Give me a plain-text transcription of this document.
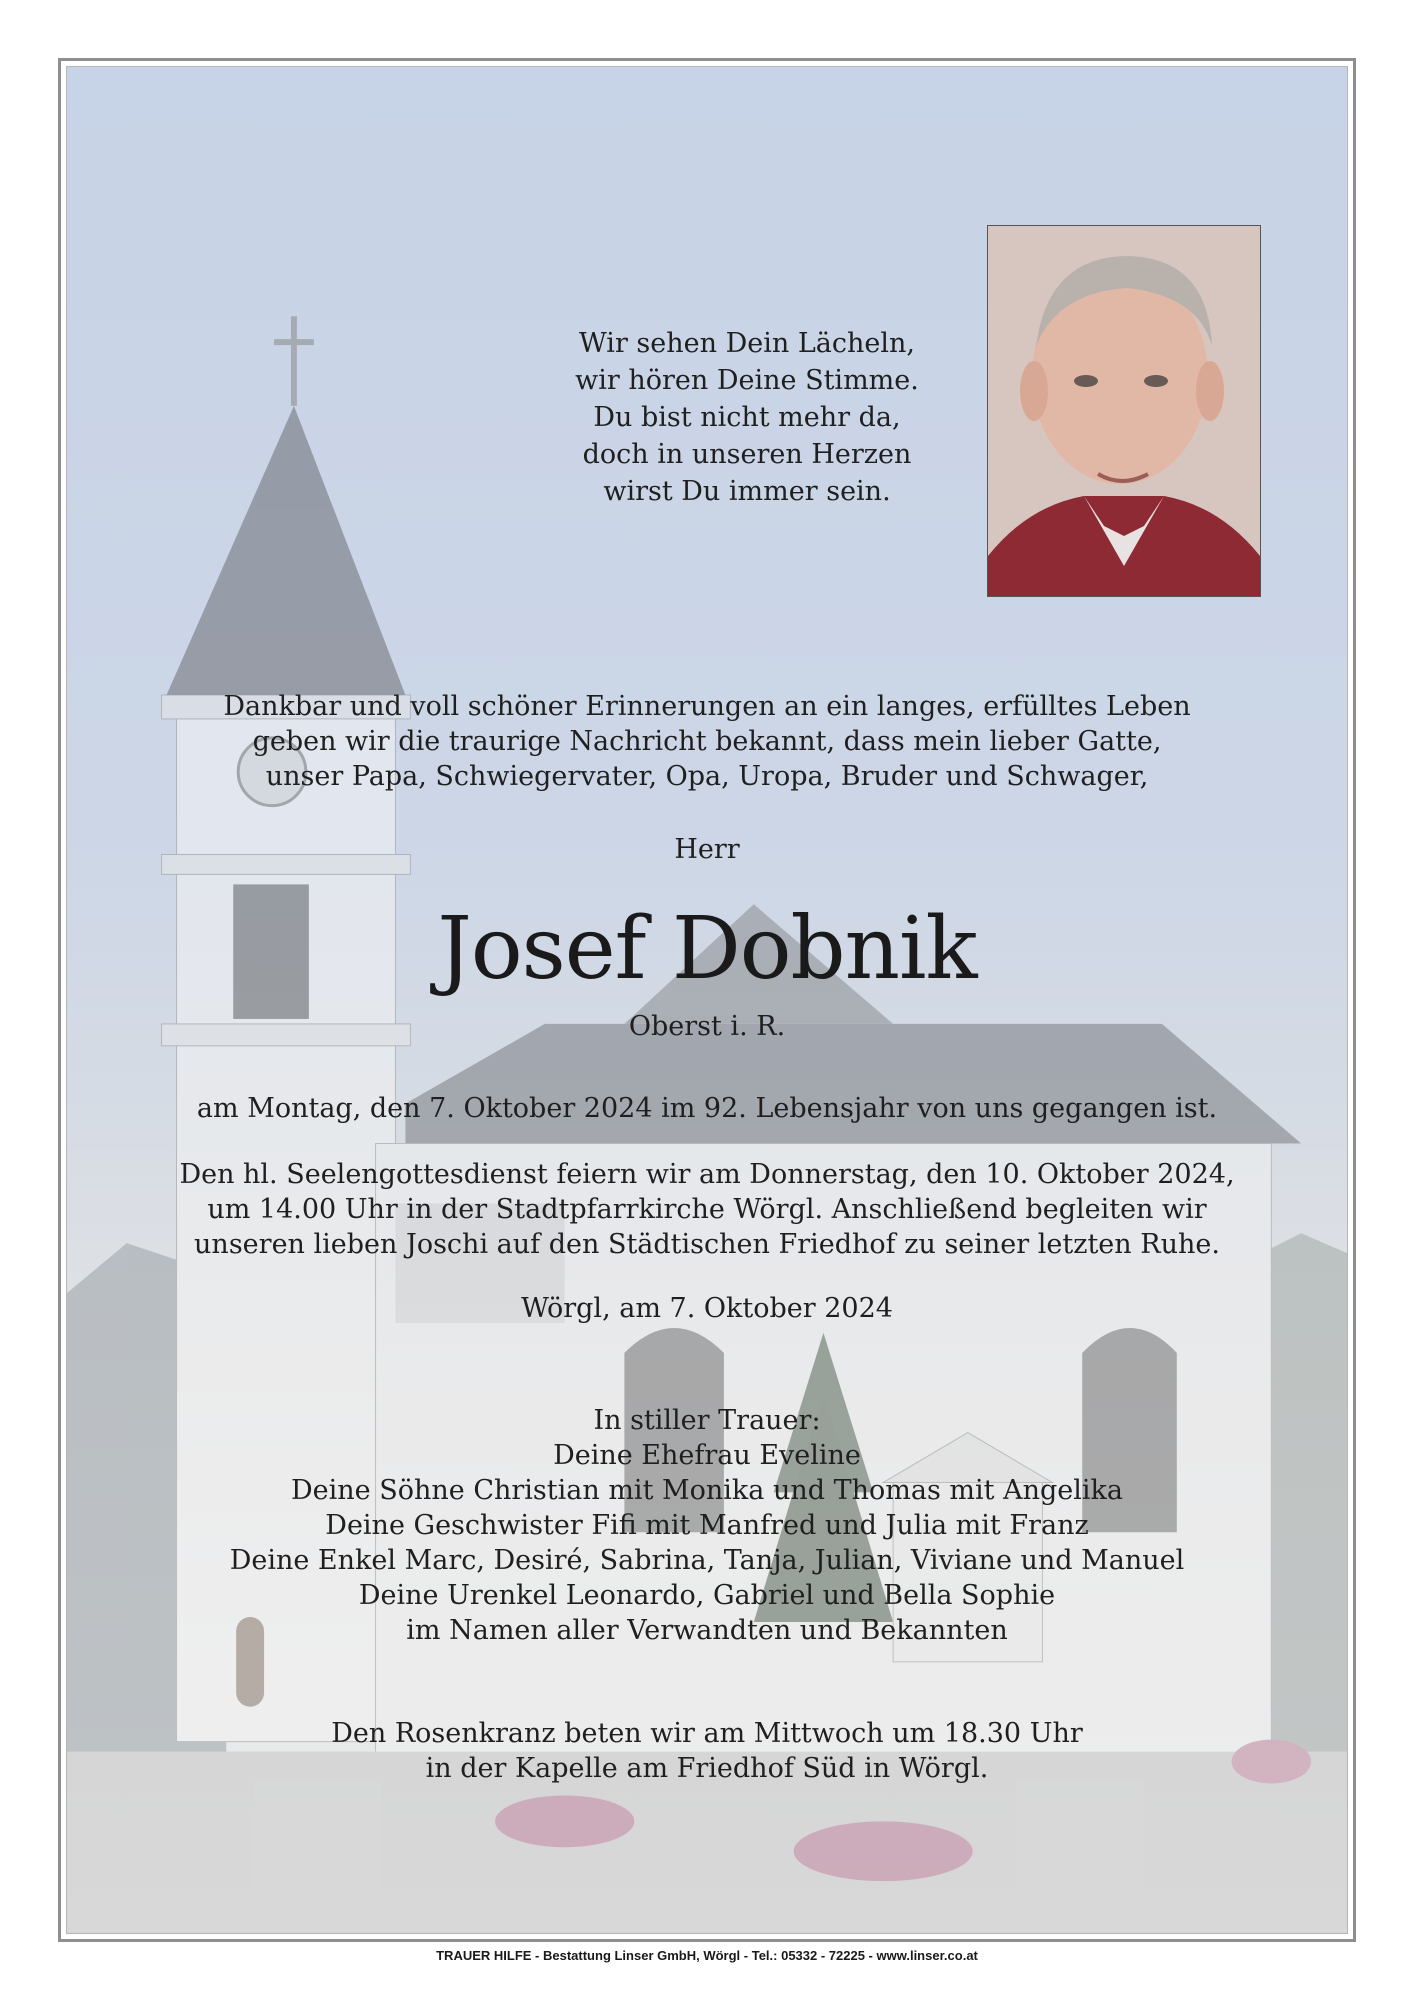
Wir sehen Dein Lächeln,
wir hören Deine Stimme.
Du bist nicht mehr da,
doch in unseren Herzen
wirst Du immer sein.
Dankbar und voll schöner Erinnerungen an ein langes, erfülltes Leben
geben wir die traurige Nachricht bekannt, dass mein lieber Gatte,
unser Papa, Schwiegervater, Opa, Uropa, Bruder und Schwager,
Herr
Josef Dobnik
Oberst i. R.
am Montag, den 7. Oktober 2024 im 92. Lebensjahr von uns gegangen ist.
Den hl. Seelengottesdienst feiern wir am Donnerstag, den 10. Oktober 2024,
um 14.00 Uhr in der Stadtpfarrkirche Wörgl. Anschließend begleiten wir
unseren lieben Joschi auf den Städtischen Friedhof zu seiner letzten Ruhe.
Wörgl, am 7. Oktober 2024
In stiller Trauer:
Deine Ehefrau Eveline
Deine Söhne Christian mit Monika und Thomas mit Angelika
Deine Geschwister Fifi mit Manfred und Julia mit Franz
Deine Enkel Marc, Desiré, Sabrina, Tanja, Julian, Viviane und Manuel
Deine Urenkel Leonardo, Gabriel und Bella Sophie
im Namen aller Verwandten und Bekannten
Den Rosenkranz beten wir am Mittwoch um 18.30 Uhr
in der Kapelle am Friedhof Süd in Wörgl.
TRAUER HILFE - Bestattung Linser GmbH, Wörgl - Tel.: 05332 - 72225 - www.linser.co.at
